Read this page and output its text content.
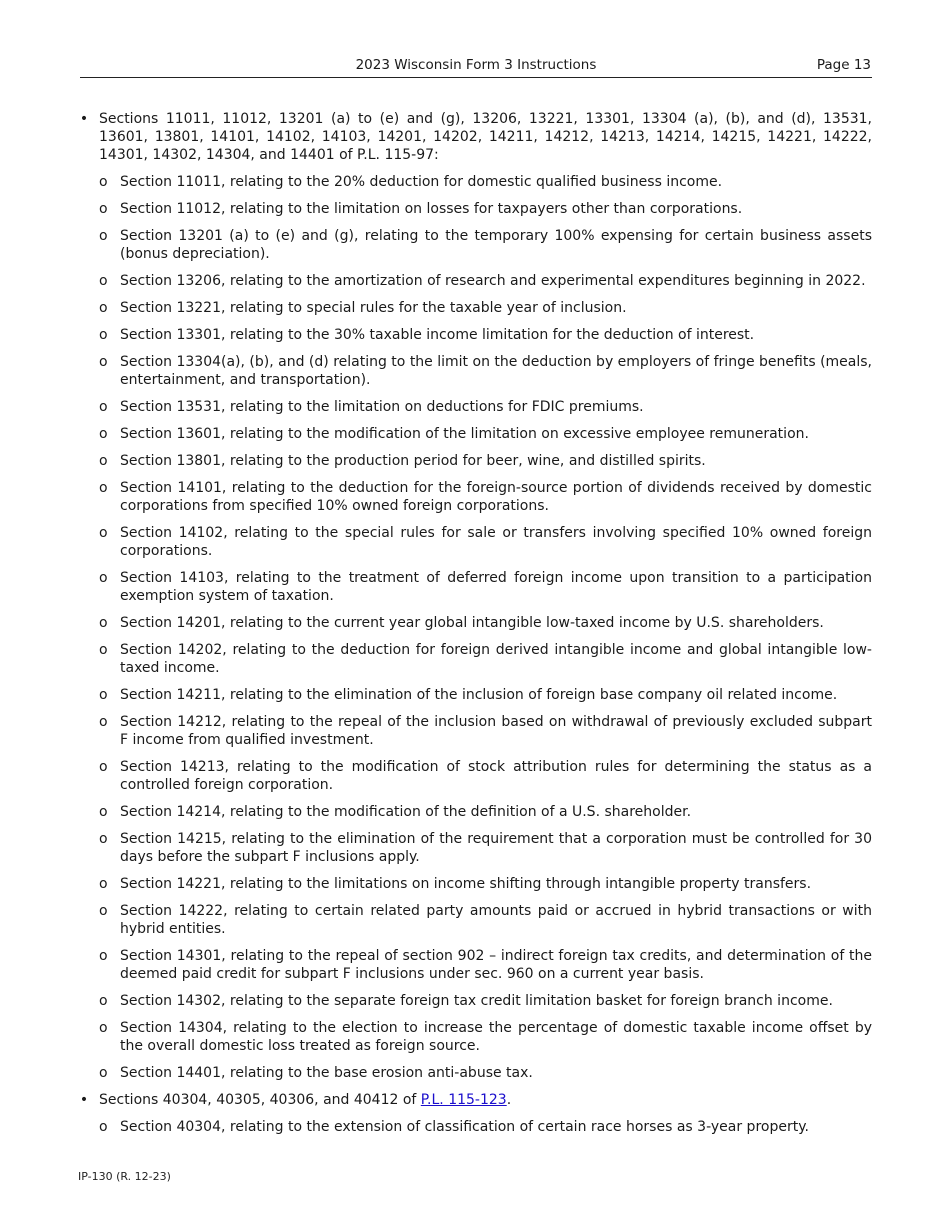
2023 Wisconsin Form 3 Instructions	Page 13
• Sections 11011, 11012, 13201 (a) to (e) and (g), 13206, 13221, 13301, 13304 (a), (b), and (d), 13531, 13601, 13801, 14101, 14102, 14103, 14201, 14202, 14211, 14212, 14213, 14214, 14215, 14221, 14222, 14301, 14302, 14304, and 14401 of P.L. 115‑97:
o Section 11011, relating to the 20% deduction for domestic qualified business income.
o Section 11012, relating to the limitation on losses for taxpayers other than corporations.
o Section 13201 (a) to (e) and (g), relating to the temporary 100% expensing for certain business assets (bonus depreciation).
o Section 13206, relating to the amortization of research and experimental expenditures beginning in 2022.
o Section 13221, relating to special rules for the taxable year of inclusion.
o Section 13301, relating to the 30% taxable income limitation for the deduction of interest.
o Section 13304(a), (b), and (d) relating to the limit on the deduction by employers of fringe benefits (meals, entertainment, and transportation).
o Section 13531, relating to the limitation on deductions for FDIC premiums.
o Section 13601, relating to the modification of the limitation on excessive employee remuneration.
o Section 13801, relating to the production period for beer, wine, and distilled spirits.
o Section 14101, relating to the deduction for the foreign-source portion of dividends received by domestic corporations from specified 10% owned foreign corporations.
o Section 14102, relating to the special rules for sale or transfers involving specified 10% owned foreign corporations.
o Section 14103, relating to the treatment of deferred foreign income upon transition to a participation exemption system of taxation.
o Section 14201, relating to the current year global intangible low-taxed income by U.S. shareholders.
o Section 14202, relating to the deduction for foreign derived intangible income and global intangible low-taxed income.
o Section 14211, relating to the elimination of the inclusion of foreign base company oil related income.
o Section 14212, relating to the repeal of the inclusion based on withdrawal of previously excluded subpart F income from qualified investment.
o Section 14213, relating to the modification of stock attribution rules for determining the status as a controlled foreign corporation.
o Section 14214, relating to the modification of the definition of a U.S. shareholder.
o Section 14215, relating to the elimination of the requirement that a corporation must be controlled for 30 days before the subpart F inclusions apply.
o Section 14221, relating to the limitations on income shifting through intangible property transfers.
o Section 14222, relating to certain related party amounts paid or accrued in hybrid transactions or with hybrid entities.
o Section 14301, relating to the repeal of section 902 – indirect foreign tax credits, and determination of the deemed paid credit for subpart F inclusions under sec. 960 on a current year basis.
o Section 14302, relating to the separate foreign tax credit limitation basket for foreign branch income.
o Section 14304, relating to the election to increase the percentage of domestic taxable income offset by the overall domestic loss treated as foreign source.
o Section 14401, relating to the base erosion anti-abuse tax.
• Sections 40304, 40305, 40306, and 40412 of P.L. 115-123.
o Section 40304, relating to the extension of classification of certain race horses as 3-year property.
IP-130 (R. 12-23)
